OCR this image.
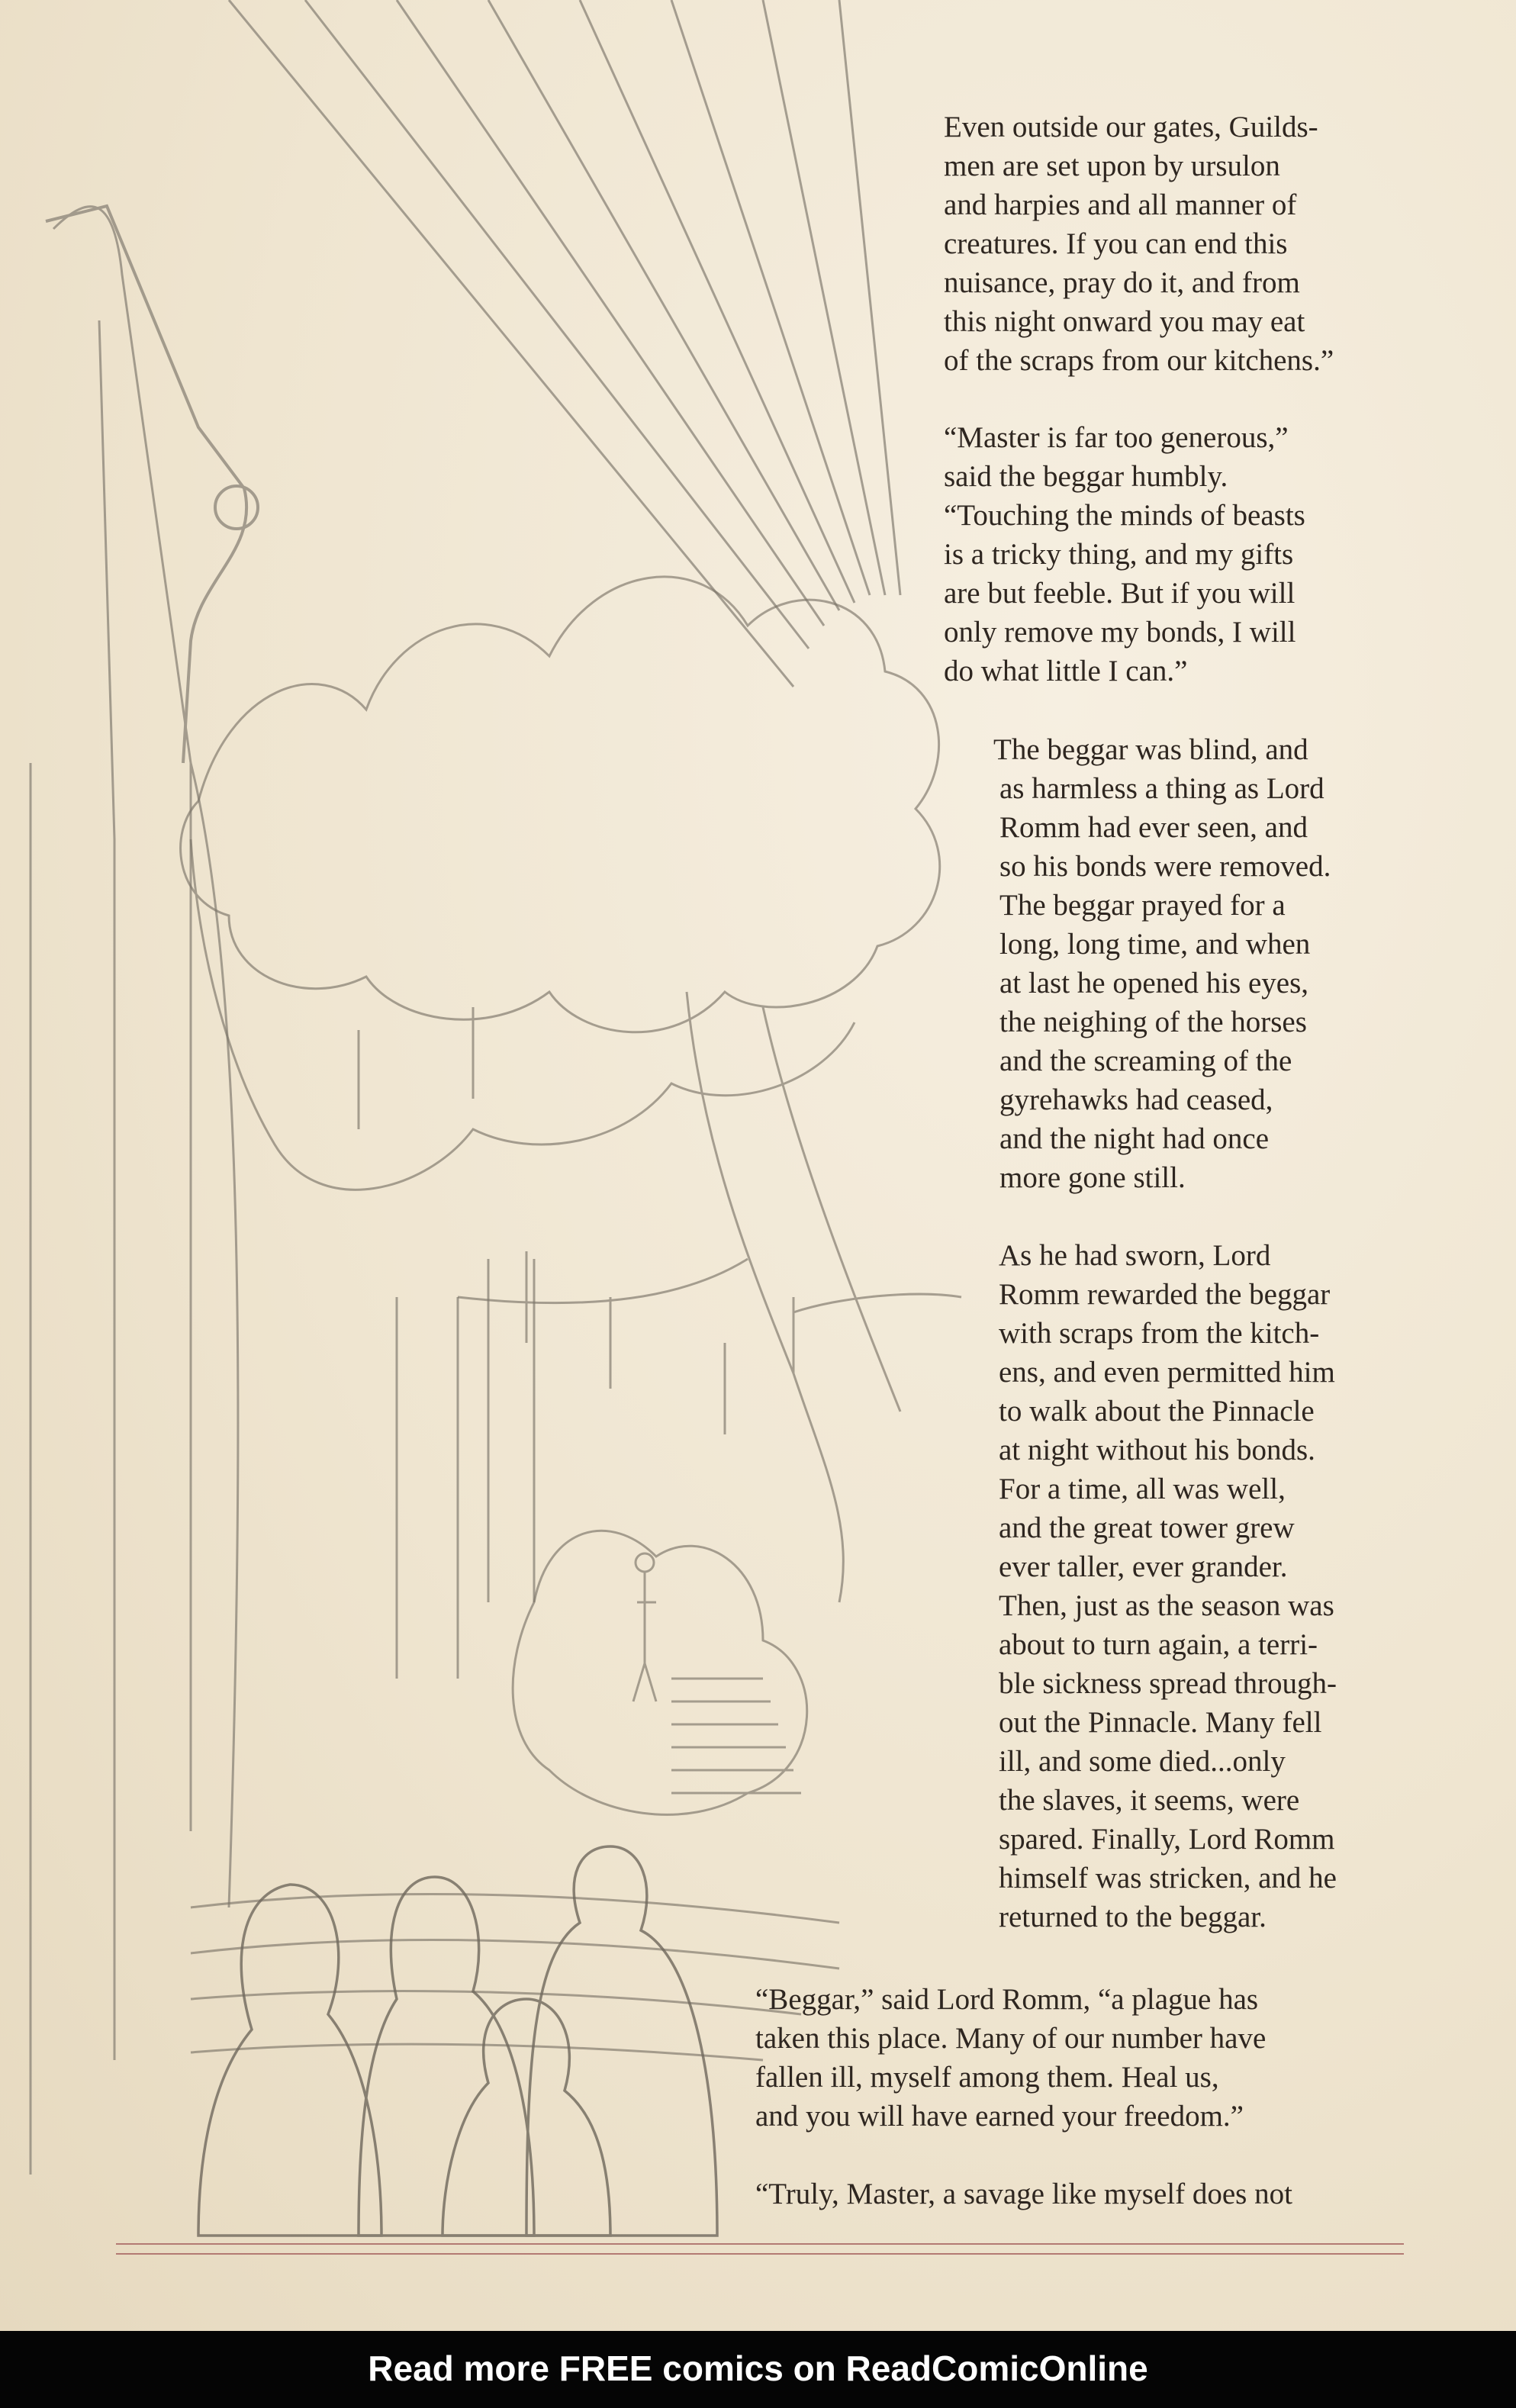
Even outside our gates, Guilds-
men are set upon by ursulon
and harpies and all manner of
creatures. If you can end this
nuisance, pray do it, and from
this night onward you may eat
of the scraps from our kitchens.”
“Master is far too generous,”
said the beggar humbly.
“Touching the minds of beasts
is a tricky thing, and my gifts
are but feeble. But if you will
only remove my bonds, I will
do what little I can.”
The beggar was blind, and
as harmless a thing as Lord
Romm had ever seen, and
so his bonds were removed.
The beggar prayed for a
long, long time, and when
at last he opened his eyes,
the neighing of the horses
and the screaming of the
gyrehawks had ceased,
and the night had once
more gone still.
As he had sworn, Lord
Romm rewarded the beggar
with scraps from the kitch-
ens, and even permitted him
to walk about the Pinnacle
at night without his bonds.
For a time, all was well,
and the great tower grew
ever taller, ever grander.
Then, just as the season was
about to turn again, a terri-
ble sickness spread through-
out the Pinnacle. Many fell
ill, and some died...only
the slaves, it seems, were
spared. Finally, Lord Romm
himself was stricken, and he
returned to the beggar.
“Beggar,” said Lord Romm, “a plague has
taken this place. Many of our number have
fallen ill, myself among them. Heal us,
and you will have earned your freedom.”
“Truly, Master, a savage like myself does not
Read more FREE comics on ReadComicOnline
